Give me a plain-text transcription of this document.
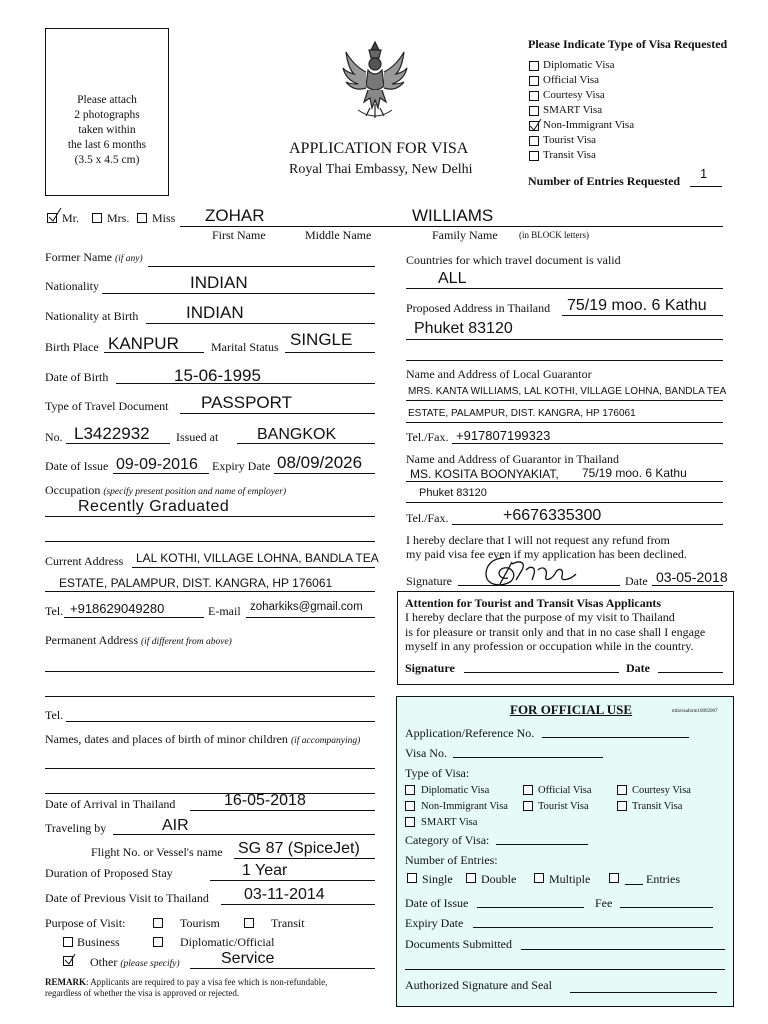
Please attach
2 photographs
taken within
the last 6 months
(3.5 x 4.5 cm)
APPLICATION FOR VISA
Royal Thai Embassy, New Delhi
Please Indicate Type of Visa Requested
Diplomatic Visa
Official Visa
Courtesy Visa
SMART Visa
Non-Immigrant Visa
Tourist Visa
Transit Visa
Number of Entries Requested 1
Mr. Mrs. Miss ZOHAR	WILLIAMS
First Name	Middle Name	Family Name (in BLOCK letters)
Former Name (if any)
Nationality	INDIAN
Nationality at Birth	INDIAN
Birth Place KANPUR	Marital Status SINGLE
Date of Birth	15-06-1995
Type of Travel Document PASSPORT
No. L3422932 Issued at BANGKOK
Date of Issue 09-09-2016 Expiry Date 08/09/2026
Occupation (specify present position and name of employer)
Recently Graduated
Current Address LAL KOTHI, VILLAGE LOHNA, BANDLA TEA
ESTATE, PALAMPUR, DIST. KANGRA, HP 176061
Tel. +918629049280	E-mail zoharkiks@gmail.com
Permanent Address (if different from above)
Tel.
Names, dates and places of birth of minor children (if accompanying)
Date of Arrival in Thailand	16-05-2018
Traveling by	AIR
Flight No. or Vessel's name SG 87 (SpiceJet)
Duration of Proposed Stay	1 Year
Date of Previous Visit to Thailand 03-11-2014
Purpose of Visit:	Tourism	Transit
Business	Diplomatic/Official
Other (please specify)	Service
REMARK: Applicants are required to pay a visa fee which is non-refundable,
regardless of whether the visa is approved or rejected.
Countries for which travel document is valid
ALL
Proposed Address in Thailand 75/19 moo. 6 Kathu
Phuket 83120
Name and Address of Local Guarantor
MRS. KANTA WILLIAMS, LAL KOTHI, VILLAGE LOHNA, BANDLA TEA
ESTATE, PALAMPUR, DIST. KANGRA, HP 176061
Tel./Fax. +917807199323
Name and Address of Guarantor in Thailand
MS. KOSITA BOONYAKIAT, 75/19 moo. 6 Kathu
Phuket 83120
Tel./Fax.	+6676335300
I hereby declare that I will not request any refund from
my paid visa fee even if my application has been declined.
Signature	Date 03-05-2018
Attention for Tourist and Transit Visas Applicants
I hereby declare that the purpose of my visit to Thailand
is for pleasure or transit only and that in no case shall I engage
myself in any profession or occupation while in the country.
Signature	Date
FOR OFFICIAL USE	mfavisaform10092007
Application/Reference No.
Visa No.
Type of Visa:
Diplomatic Visa	Official Visa	Courtesy Visa
Non-Immigrant Visa	Tourist Visa	Transit Visa
SMART Visa
Category of Visa:
Number of Entries:
Single Double	Multiple	Entries
Date of Issue	Fee
Expiry Date
Documents Submitted
Authorized Signature and Seal
